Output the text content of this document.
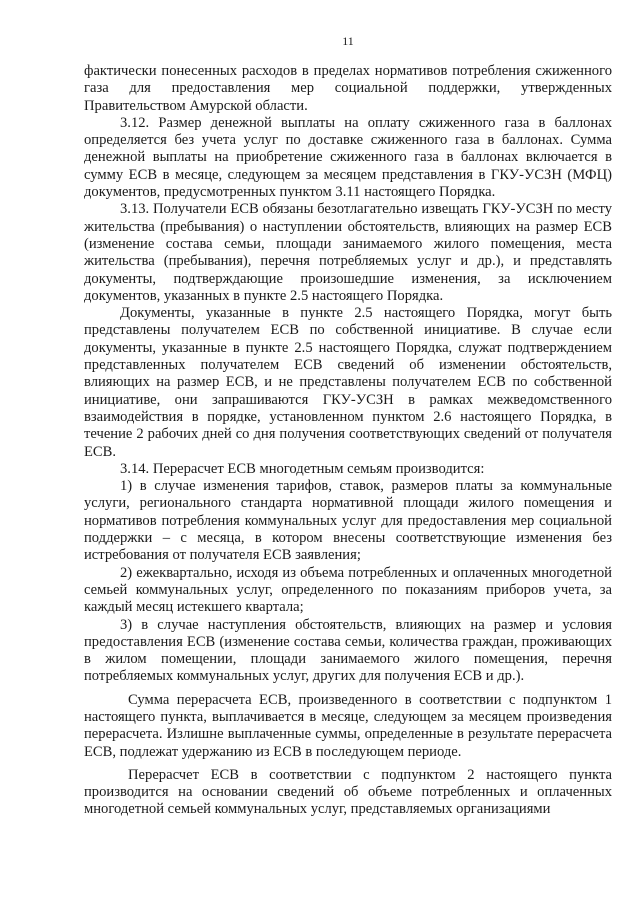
11

фактически понесенных расходов в пределах нормативов потребления сжиженного газа для предоставления мер социальной поддержки, утвержденных Правительством Амурской области.

3.12. Размер денежной выплаты на оплату сжиженного газа в баллонах определяется без учета услуг по доставке сжиженного газа в баллонах. Сумма денежной выплаты на приобретение сжиженного газа в баллонах включается в сумму ЕСВ в месяце, следующем за месяцем представления в ГКУ-УСЗН (МФЦ) документов, предусмотренных пунктом 3.11 настоящего Порядка.

3.13. Получатели ЕСВ обязаны безотлагательно извещать ГКУ-УСЗН по месту жительства (пребывания) о наступлении обстоятельств, влияющих на размер ЕСВ (изменение состава семьи, площади занимаемого жилого помещения, места жительства (пребывания), перечня потребляемых услуг и др.), и представлять документы, подтверждающие произошедшие изменения, за исключением документов, указанных в пункте 2.5 настоящего Порядка.

Документы, указанные в пункте 2.5 настоящего Порядка, могут быть представлены получателем ЕСВ по собственной инициативе. В случае если документы, указанные в пункте 2.5 настоящего Порядка, служат подтверждением представленных получателем ЕСВ сведений об изменении обстоятельств, влияющих на размер ЕСВ, и не представлены получателем ЕСВ по собственной инициативе, они запрашиваются ГКУ-УСЗН в рамках межведомственного взаимодействия в порядке, установленном пунктом 2.6 настоящего Порядка, в течение 2 рабочих дней со дня получения соответствующих сведений от получателя ЕСВ.

3.14. Перерасчет ЕСВ многодетным семьям производится:

1) в случае изменения тарифов, ставок, размеров платы за коммунальные услуги, регионального стандарта нормативной площади жилого помещения и нормативов потребления коммунальных услуг для предоставления мер социальной поддержки – с месяца, в котором внесены соответствующие изменения без истребования от получателя ЕСВ заявления;

2) ежеквартально, исходя из объема потребленных и оплаченных многодетной семьей коммунальных услуг, определенного по показаниям приборов учета, за каждый месяц истекшего квартала;

3) в случае наступления обстоятельств, влияющих на размер и условия предоставления ЕСВ (изменение состава семьи, количества граждан, проживающих в жилом помещении, площади занимаемого жилого помещения, перечня потребляемых коммунальных услуг, других для получения ЕСВ и др.).

Сумма перерасчета ЕСВ, произведенного в соответствии с подпунктом 1 настоящего пункта, выплачивается в месяце, следующем за месяцем произведения перерасчета. Излишне выплаченные суммы, определенные в результате перерасчета ЕСВ, подлежат удержанию из ЕСВ в последующем периоде.

Перерасчет ЕСВ в соответствии с подпунктом 2 настоящего пункта производится на основании сведений об объеме потребленных и оплаченных многодетной семьей коммунальных услуг, представляемых организациями
